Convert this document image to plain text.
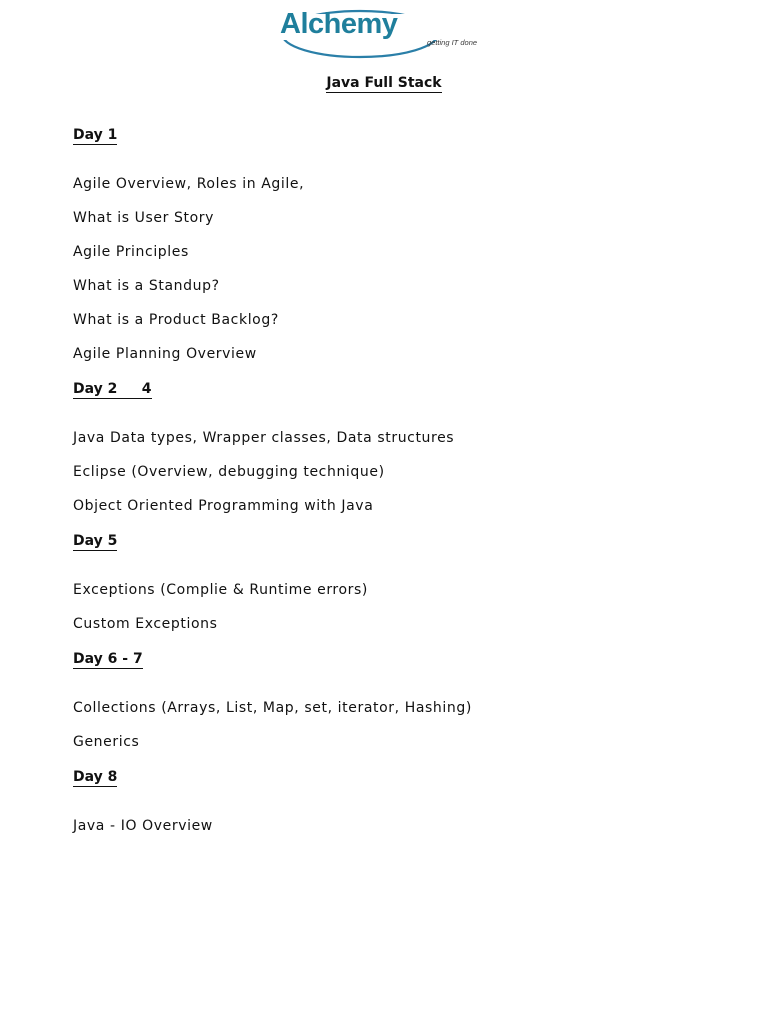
Alchemy
getting IT done
Java Full Stack
Day 1
Agile Overview, Roles in Agile,
What is User Story
Agile Principles
What is a Standup?
What is a Product Backlog?
Agile Planning Overview
Day 2     4
Java Data types, Wrapper classes, Data structures
Eclipse (Overview, debugging technique)
Object Oriented Programming with Java
Day 5
Exceptions (Complie & Runtime errors)
Custom Exceptions
Day 6 - 7
Collections (Arrays, List, Map, set, iterator, Hashing)
Generics
Day 8
Java - IO Overview
